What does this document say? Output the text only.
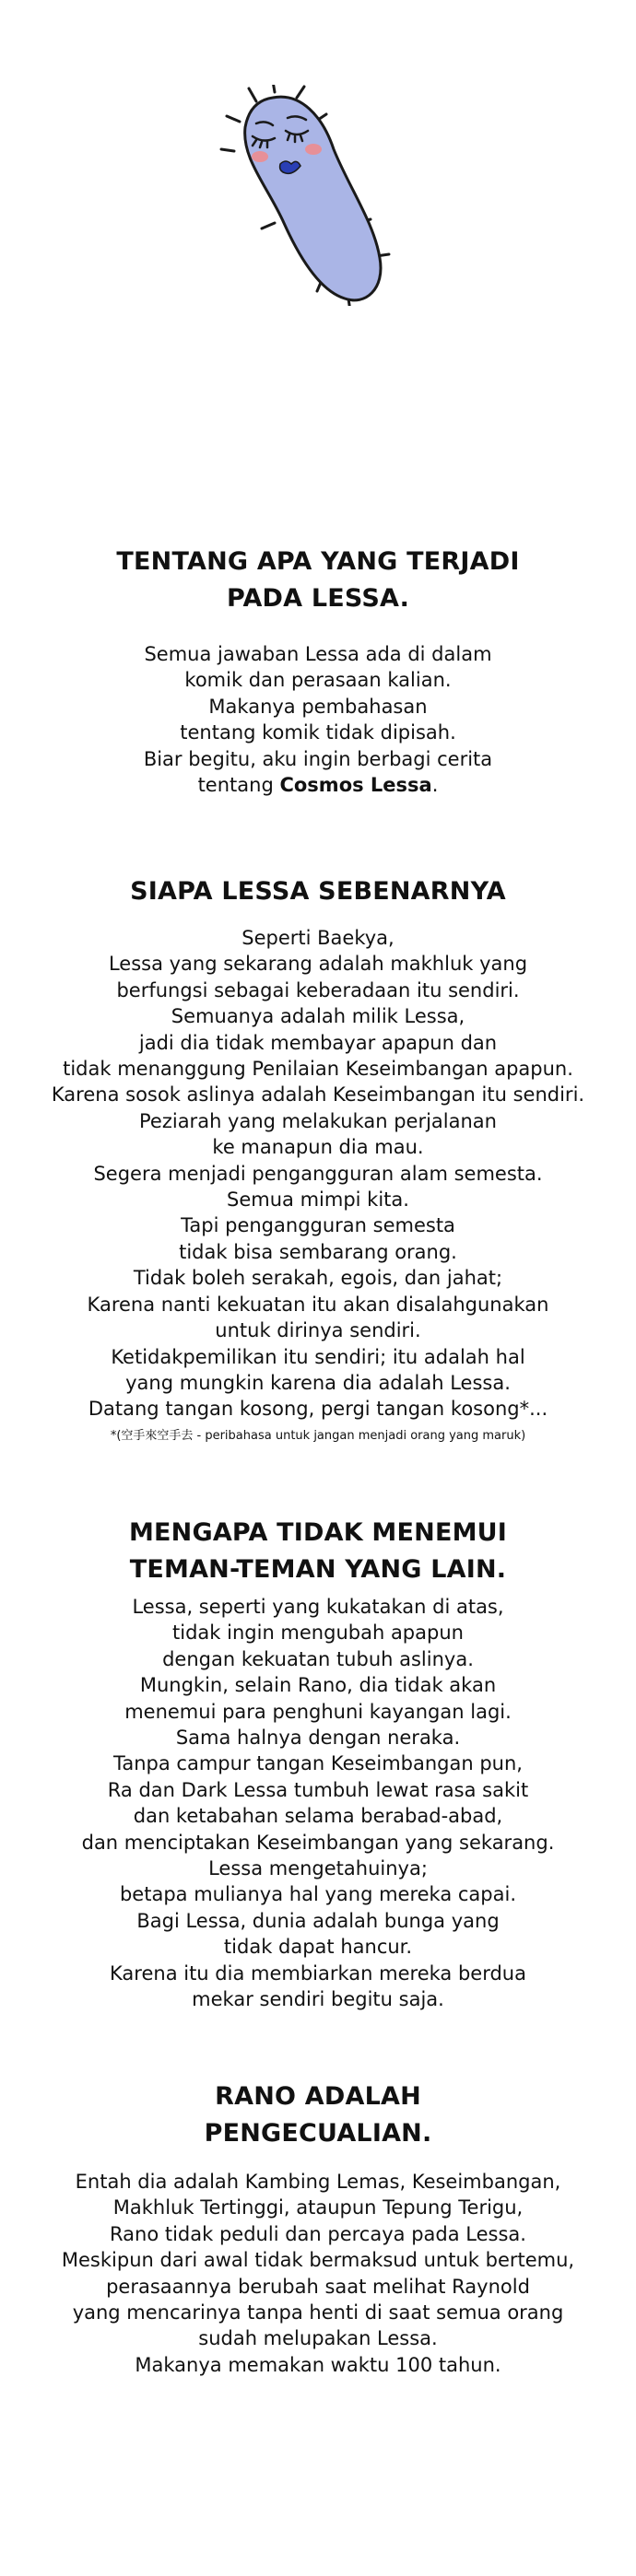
TENTANG APA YANG TERJADI
PADA LESSA.
Semua jawaban Lessa ada di dalam
komik dan perasaan kalian.
Makanya pembahasan
tentang komik tidak dipisah.
Biar begitu, aku ingin berbagi cerita
tentang Cosmos Lessa.
SIAPA LESSA SEBENARNYA
Seperti Baekya,
Lessa yang sekarang adalah makhluk yang
berfungsi sebagai keberadaan itu sendiri.
Semuanya adalah milik Lessa,
jadi dia tidak membayar apapun dan
tidak menanggung Penilaian Keseimbangan apapun.
Karena sosok aslinya adalah Keseimbangan itu sendiri.
Peziarah yang melakukan perjalanan
ke manapun dia mau.
Segera menjadi pengangguran alam semesta.
Semua mimpi kita.
Tapi pengangguran semesta
tidak bisa sembarang orang.
Tidak boleh serakah, egois, dan jahat;
Karena nanti kekuatan itu akan disalahgunakan
untuk dirinya sendiri.
Ketidakpemilikan itu sendiri; itu adalah hal
yang mungkin karena dia adalah Lessa.
Datang tangan kosong, pergi tangan kosong*...
*(空手來空手去 - peribahasa untuk jangan menjadi orang yang maruk)
MENGAPA TIDAK MENEMUI
TEMAN-TEMAN YANG LAIN.
Lessa, seperti yang kukatakan di atas,
tidak ingin mengubah apapun
dengan kekuatan tubuh aslinya.
Mungkin, selain Rano, dia tidak akan
menemui para penghuni kayangan lagi.
Sama halnya dengan neraka.
Tanpa campur tangan Keseimbangan pun,
Ra dan Dark Lessa tumbuh lewat rasa sakit
dan ketabahan selama berabad-abad,
dan menciptakan Keseimbangan yang sekarang.
Lessa mengetahuinya;
betapa mulianya hal yang mereka capai.
Bagi Lessa, dunia adalah bunga yang
tidak dapat hancur.
Karena itu dia membiarkan mereka berdua
mekar sendiri begitu saja.
RANO ADALAH
PENGECUALIAN.
Entah dia adalah Kambing Lemas, Keseimbangan,
Makhluk Tertinggi, ataupun Tepung Terigu,
Rano tidak peduli dan percaya pada Lessa.
Meskipun dari awal tidak bermaksud untuk bertemu,
perasaannya berubah saat melihat Raynold
yang mencarinya tanpa henti di saat semua orang
sudah melupakan Lessa.
Makanya memakan waktu 100 tahun.
